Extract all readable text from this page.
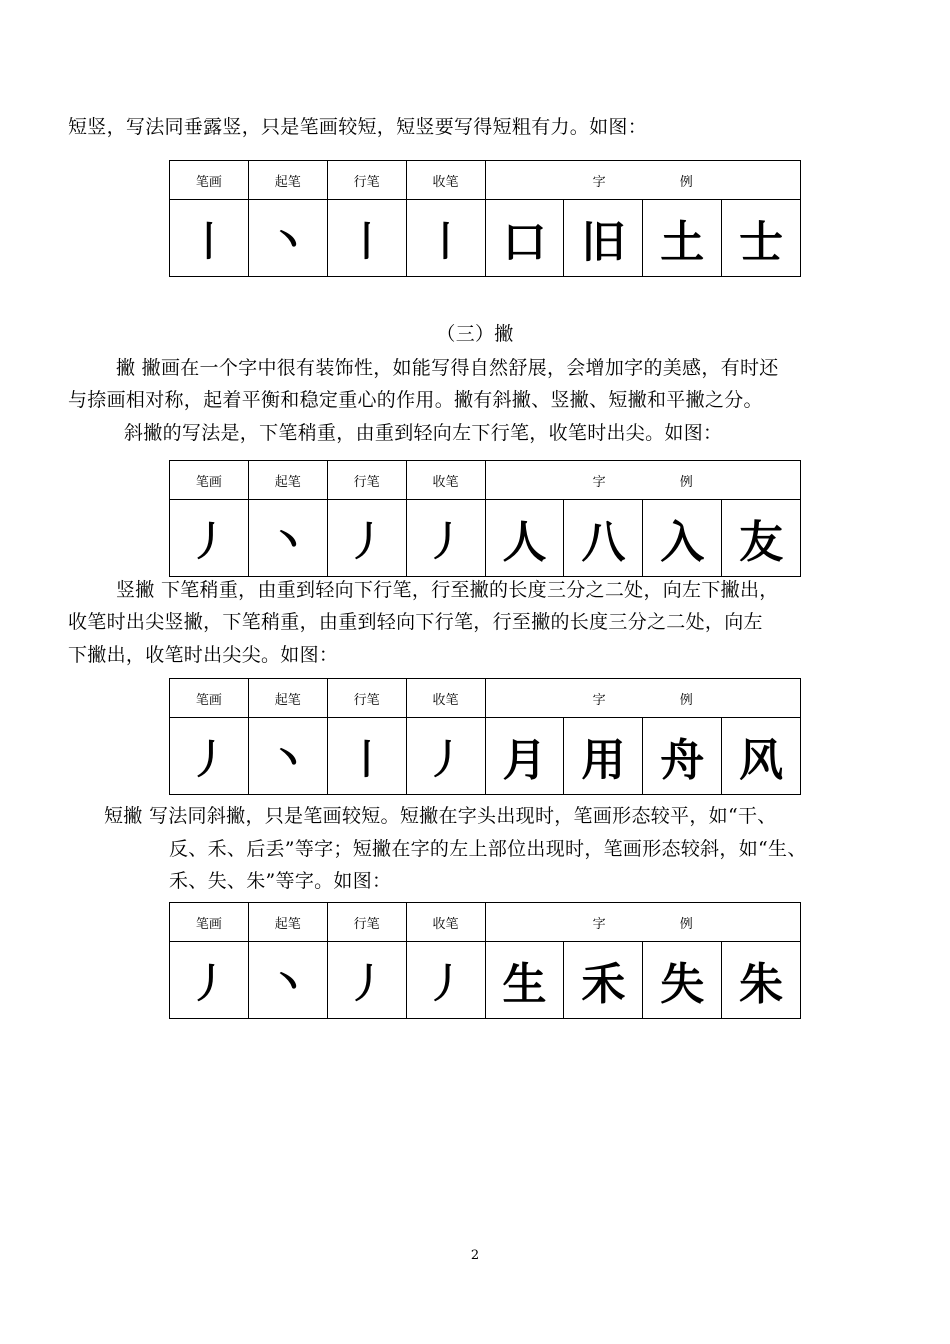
短竖，写法同垂露竖，只是笔画较短，短竖要写得短粗有力。如图：
笔画	起笔	行笔	收笔	字 例			
丨	丶	丨	丨	口	旧	土	士
（三）撇
撇 撇画在一个字中很有装饰性，如能写得自然舒展，会增加字的美感，有时还
与捺画相对称，起着平衡和稳定重心的作用。撇有斜撇、竖撇、短撇和平撇之分。
斜撇的写法是，下笔稍重，由重到轻向左下行笔，收笔时出尖。如图：
笔画	起笔	行笔	收笔	字 例			
丿	丶	丿	丿	人	八	入	友
竖撇 下笔稍重，由重到轻向下行笔，行至撇的长度三分之二处，向左下撇出，
收笔时出尖竖撇，下笔稍重，由重到轻向下行笔，行至撇的长度三分之二处，向左
下撇出，收笔时出尖尖。如图：
笔画	起笔	行笔	收笔	字 例			
丿	丶	丨	丿	月	用	舟	风
短撇 写法同斜撇，只是笔画较短。短撇在字头出现时，笔画形态较平，如“干、
反、禾、后丢”等字；短撇在字的左上部位出现时，笔画形态较斜，如“生、
禾、失、朱”等字。如图：
笔画	起笔	行笔	收笔	字 例			
丿	丶	丿	丿	生	禾	失	朱
2
